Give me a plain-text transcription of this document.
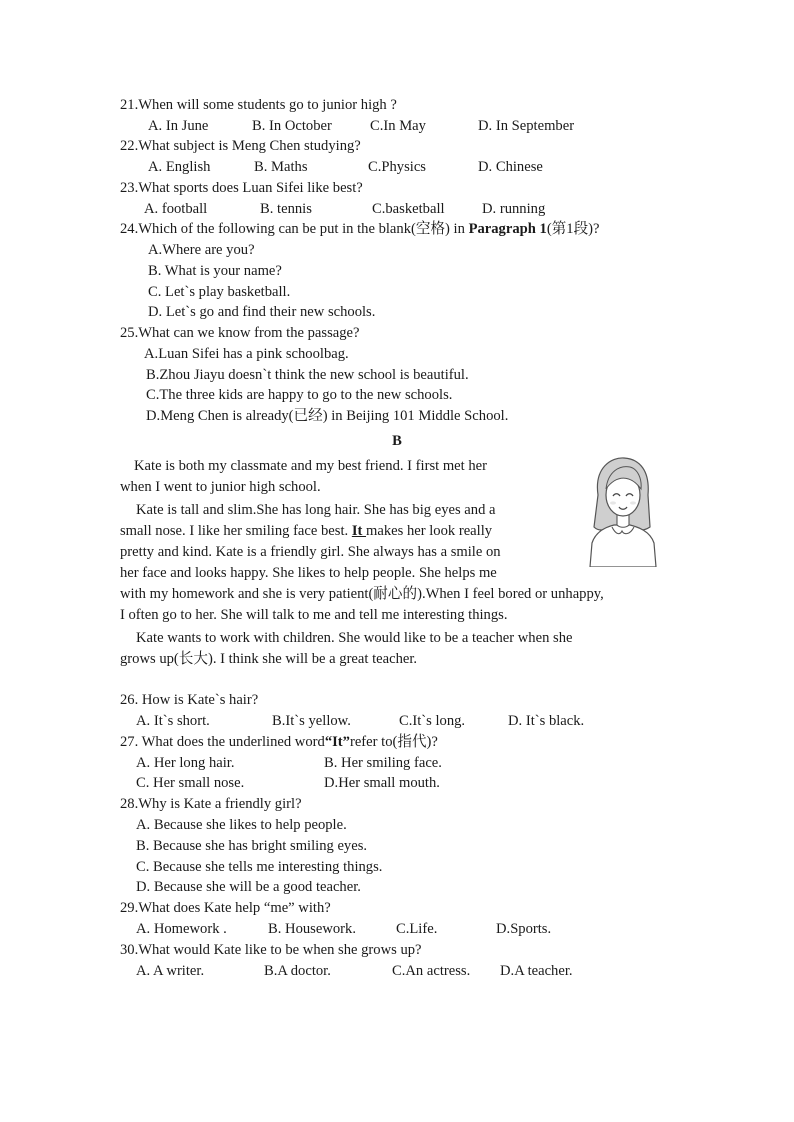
21.When will some students go to junior high ?
A. In June	B. In October	C.In May	D. In September
22.What subject is Meng Chen studying?
A. English	B. Maths	C.Physics	D. Chinese
23.What sports does Luan Sifei like best?
A. football	B. tennis	C.basketball	D. running
24.Which of the following can be put in the blank(空格) in Paragraph 1(第1段)?
A.Where are you?
B. What is your name?
C. Let`s play basketball.
D. Let`s go and find their new schools.
25.What can we know from the passage?
A.Luan Sifei has a pink schoolbag.
B.Zhou Jiayu doesn`t think the new school is beautiful.
C.The three kids are happy to go to the new schools.
D.Meng Chen is already(已经) in Beijing 101 Middle School.
B
Kate is both my classmate and my best friend. I first met her
when I went to junior high school.
Kate is tall and slim.She has long hair. She has big eyes and a
small nose. I like her smiling face best. It makes her look really
pretty and kind. Kate is a friendly girl. She always has a smile on
her face and looks happy. She likes to help people. She helps me
with my homework and she is very patient(耐心的).When I feel bored or unhappy,
I often go to her. She will talk to me and tell me interesting things.
Kate wants to work with children. She would like to be a teacher when she
grows up(长大). I think she will be a great teacher.
26. How is Kate`s hair?
A. It`s short.	B.It`s yellow.	C.It`s long.	D. It`s black.
27. What does the underlined word“It”refer to(指代)?
A. Her long hair.	B. Her smiling face.
C. Her small nose.	D.Her small mouth.
28.Why is Kate a friendly girl?
A. Because she likes to help people.
B. Because she has bright smiling eyes.
C. Because she tells me interesting things.
D. Because she will be a good teacher.
29.What does Kate help “me” with?
A. Homework .	B. Housework.	C.Life.	D.Sports.
30.What would Kate like to be when she grows up?
A. A writer.	B.A doctor.	C.An actress. D.A teacher.
